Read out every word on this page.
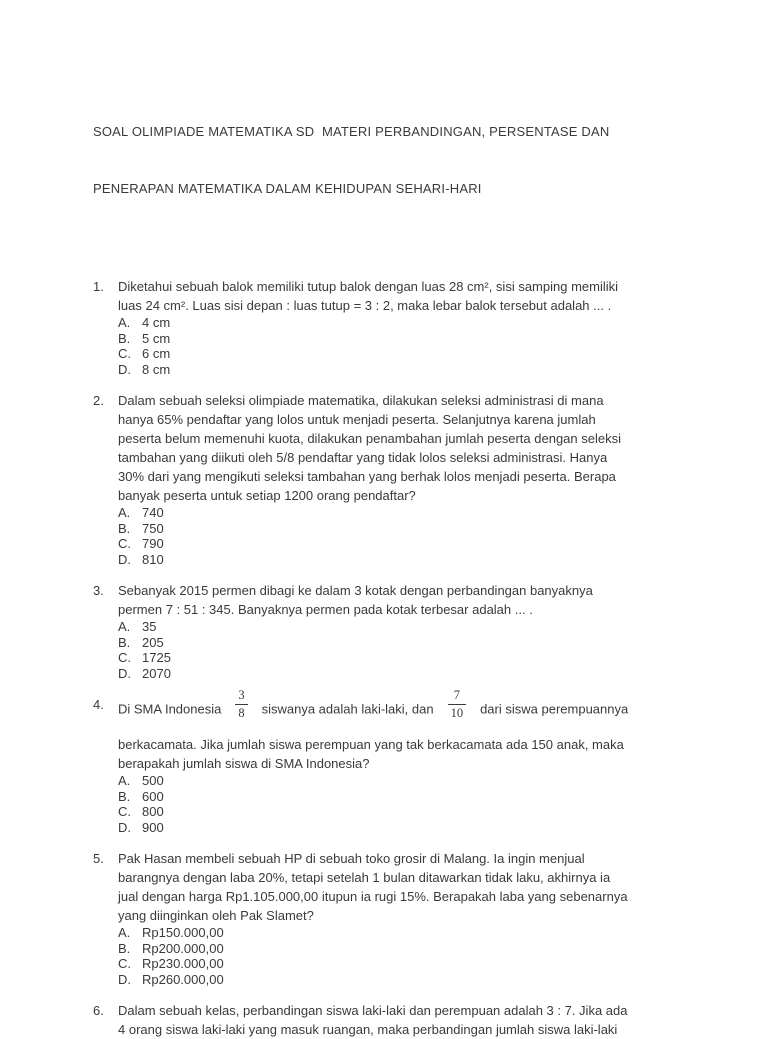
SOAL OLIMPIADE MATEMATIKA SD  MATERI PERBANDINGAN, PERSENTASE DAN

PENERAPAN MATEMATIKA DALAM KEHIDUPAN SEHARI-HARI

1.	Diketahui sebuah balok memiliki tutup balok dengan luas 28 cm², sisi samping memiliki
luas 24 cm². Luas sisi depan : luas tutup = 3 : 2, maka lebar balok tersebut adalah ... .
A. 4 cm
B. 5 cm
C. 6 cm
D. 8 cm
2.	Dalam sebuah seleksi olimpiade matematika, dilakukan seleksi administrasi di mana
hanya 65% pendaftar yang lolos untuk menjadi peserta. Selanjutnya karena jumlah
peserta belum memenuhi kuota, dilakukan penambahan jumlah peserta dengan seleksi
tambahan yang diikuti oleh 5/8 pendaftar yang tidak lolos seleksi administrasi. Hanya
30% dari yang mengikuti seleksi tambahan yang berhak lolos menjadi peserta. Berapa
banyak peserta untuk setiap 1200 orang pendaftar?
A. 740
B. 750
C. 790
D. 810
3.	Sebanyak 2015 permen dibagi ke dalam 3 kotak dengan perbandingan banyaknya
permen 7 : 51 : 345. Banyaknya permen pada kotak terbesar adalah ... .
A. 35
B. 205
C. 1725
D. 2070
4.	Di SMA Indonesia $\frac{3}{8}$ siswanya adalah laki-laki, dan $\frac{7}{10}$ dari siswa perempuannya
berkacamata. Jika jumlah siswa perempuan yang tak berkacamata ada 150 anak, maka
berapakah jumlah siswa di SMA Indonesia?
A. 500
B. 600
C. 800
D. 900
5.	Pak Hasan membeli sebuah HP di sebuah toko grosir di Malang. Ia ingin menjual
barangnya dengan laba 20%, tetapi setelah 1 bulan ditawarkan tidak laku, akhirnya ia
jual dengan harga Rp1.105.000,00 itupun ia rugi 15%. Berapakah laba yang sebenarnya
yang diinginkan oleh Pak Slamet?
A. Rp150.000,00
B. Rp200.000,00
C. Rp230.000,00
D. Rp260.000,00
6.	Dalam sebuah kelas, perbandingan siswa laki-laki dan perempuan adalah 3 : 7. Jika ada
4 orang siswa laki-laki yang masuk ruangan, maka perbandingan jumlah siswa laki-laki
